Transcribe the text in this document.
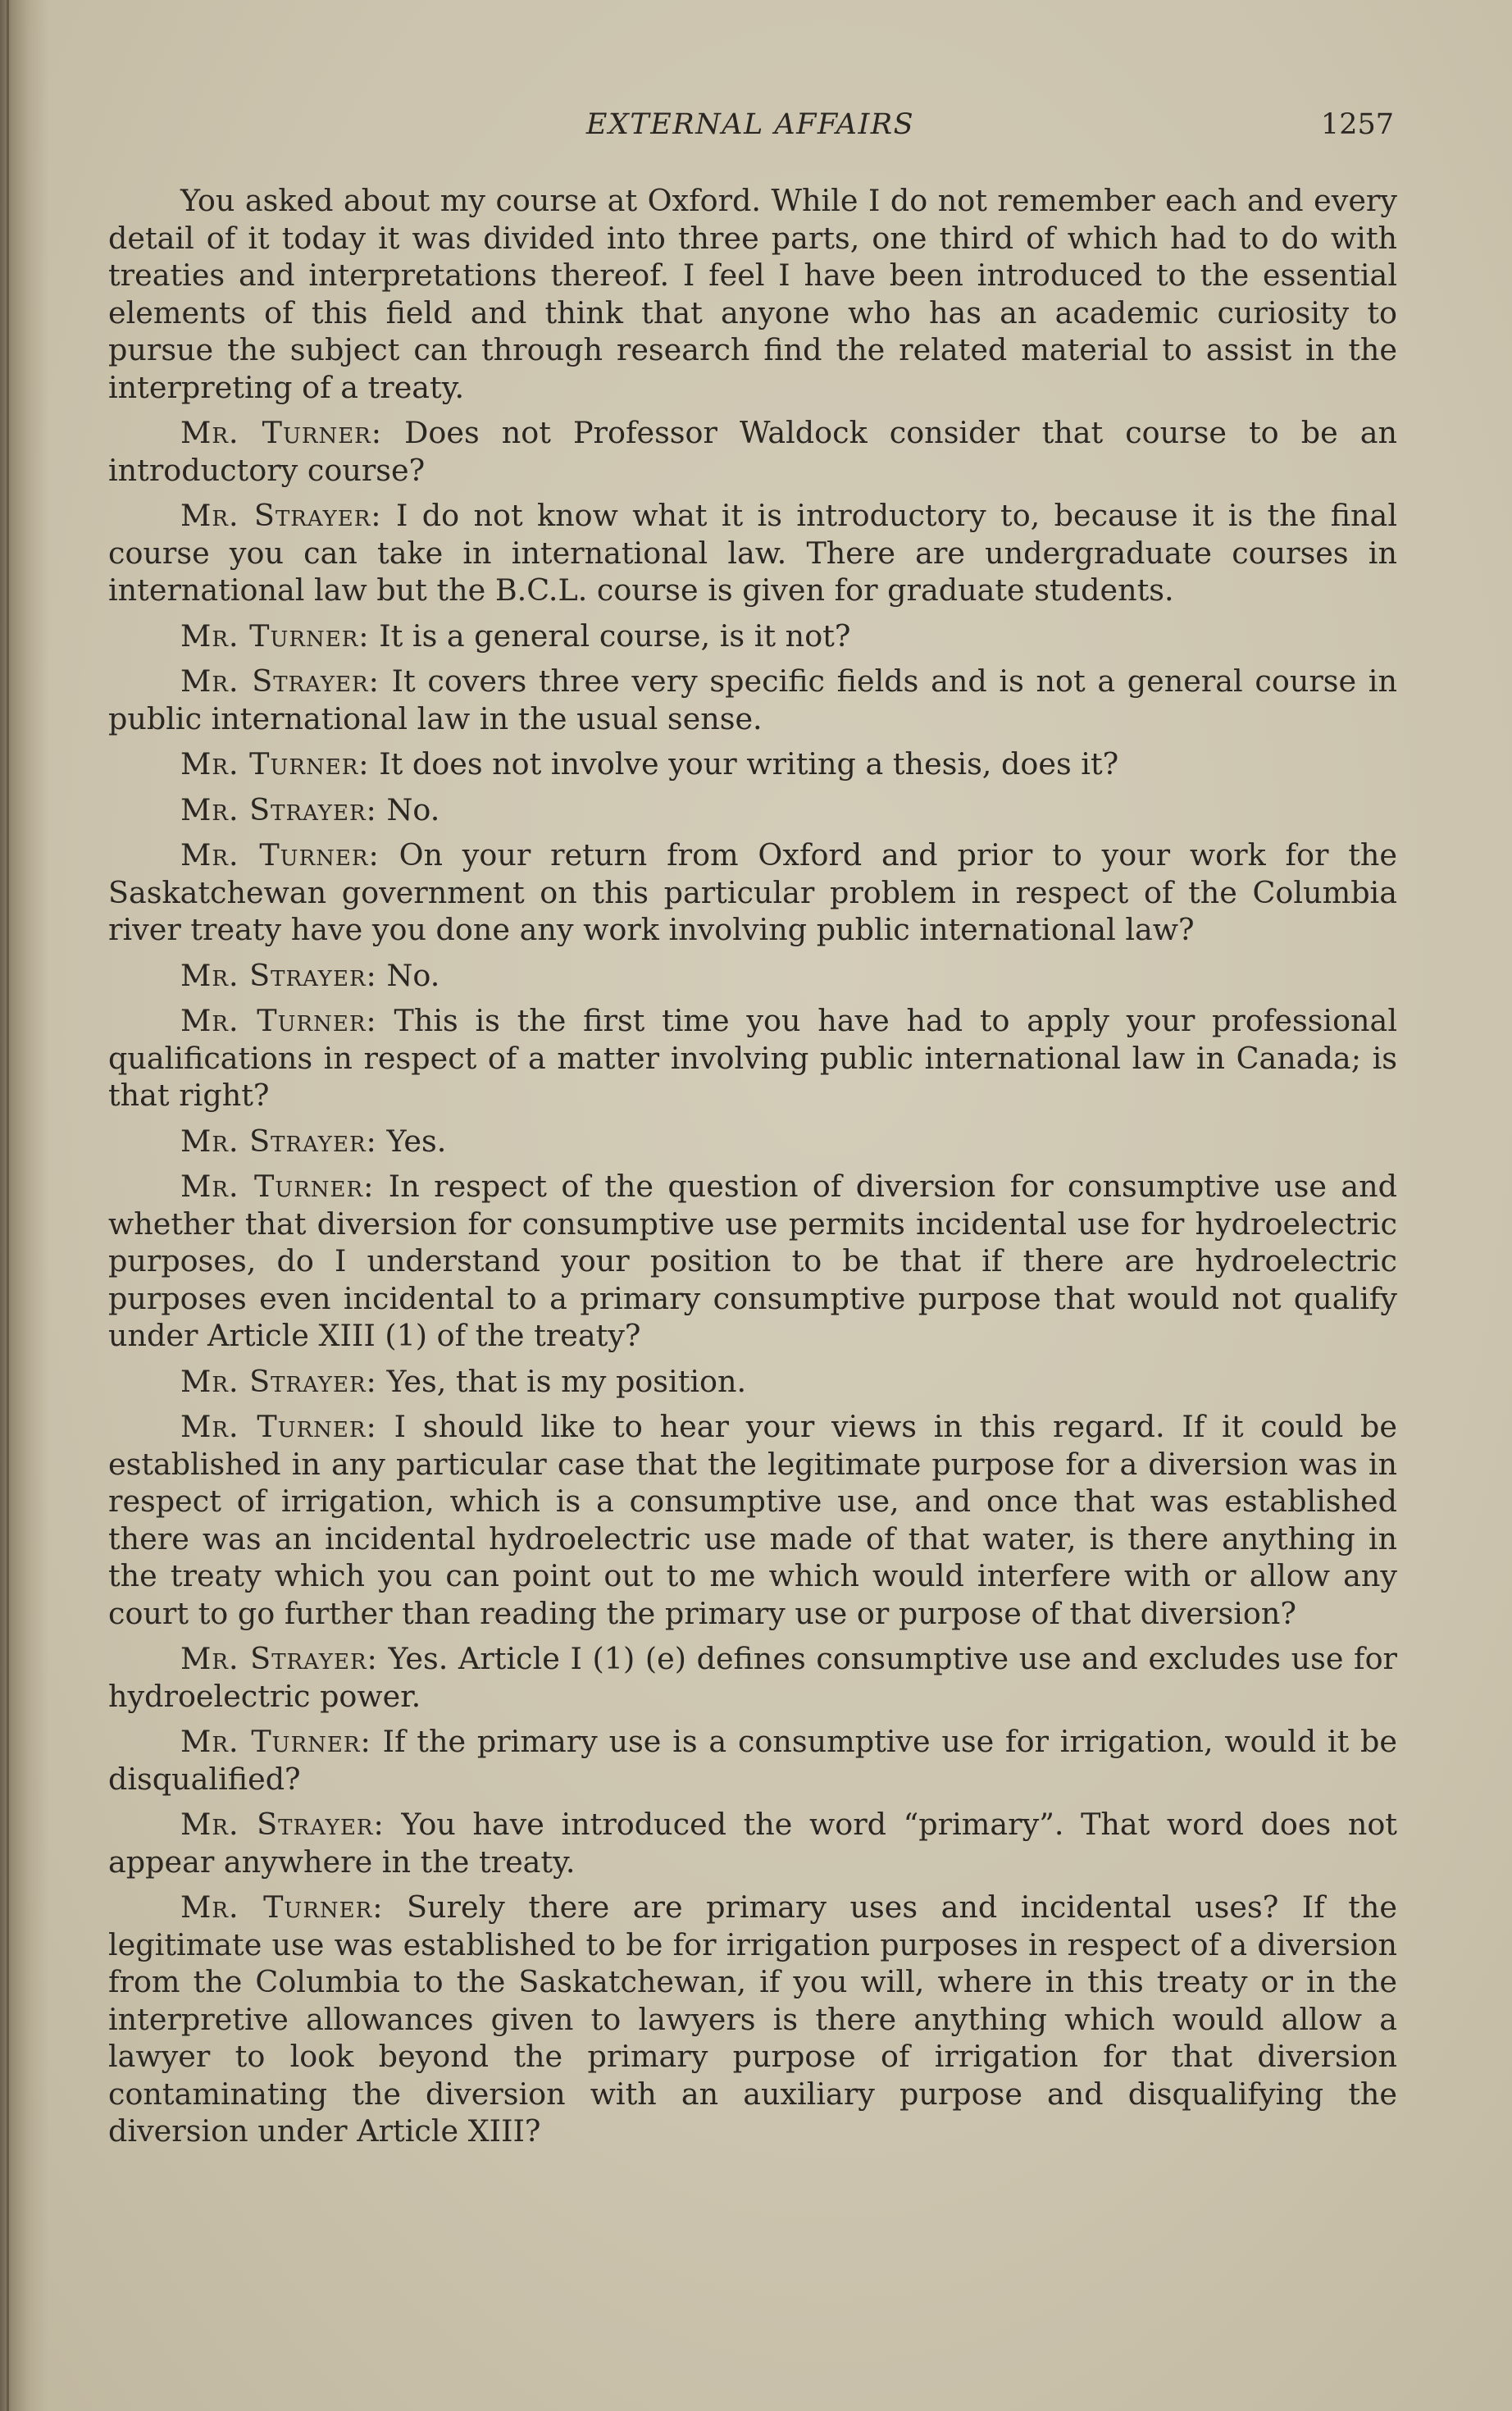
EXTERNAL AFFAIRS	1257

You asked about my course at Oxford. While I do not remember each and every detail of it today it was divided into three parts, one third of which had to do with treaties and interpretations thereof. I feel I have been introduced to the essential elements of this field and think that anyone who has an academic curiosity to pursue the subject can through research find the related material to assist in the interpreting of a treaty.

Mr. Turner: Does not Professor Waldock consider that course to be an introductory course?

Mr. Strayer: I do not know what it is introductory to, because it is the final course you can take in international law. There are undergraduate courses in international law but the B.C.L. course is given for graduate students.

Mr. Turner: It is a general course, is it not?

Mr. Strayer: It covers three very specific fields and is not a general course in public international law in the usual sense.

Mr. Turner: It does not involve your writing a thesis, does it?

Mr. Strayer: No.

Mr. Turner: On your return from Oxford and prior to your work for the Saskatchewan government on this particular problem in respect of the Columbia river treaty have you done any work involving public international law?

Mr. Strayer: No.

Mr. Turner: This is the first time you have had to apply your professional qualifications in respect of a matter involving public international law in Canada; is that right?

Mr. Strayer: Yes.

Mr. Turner: In respect of the question of diversion for consumptive use and whether that diversion for consumptive use permits incidental use for hydroelectric purposes, do I understand your position to be that if there are hydroelectric purposes even incidental to a primary consumptive purpose that would not qualify under Article XIII (1) of the treaty?

Mr. Strayer: Yes, that is my position.

Mr. Turner: I should like to hear your views in this regard. If it could be established in any particular case that the legitimate purpose for a diversion was in respect of irrigation, which is a consumptive use, and once that was established there was an incidental hydroelectric use made of that water, is there anything in the treaty which you can point out to me which would interfere with or allow any court to go further than reading the primary use or purpose of that diversion?

Mr. Strayer: Yes. Article I (1) (e) defines consumptive use and excludes use for hydroelectric power.

Mr. Turner: If the primary use is a consumptive use for irrigation, would it be disqualified?

Mr. Strayer: You have introduced the word “primary”. That word does not appear anywhere in the treaty.

Mr. Turner: Surely there are primary uses and incidental uses? If the legitimate use was established to be for irrigation purposes in respect of a diversion from the Columbia to the Saskatchewan, if you will, where in this treaty or in the interpretive allowances given to lawyers is there anything which would allow a lawyer to look beyond the primary purpose of irrigation for that diversion contaminating the diversion with an auxiliary purpose and disqualifying the diversion under Article XIII?
